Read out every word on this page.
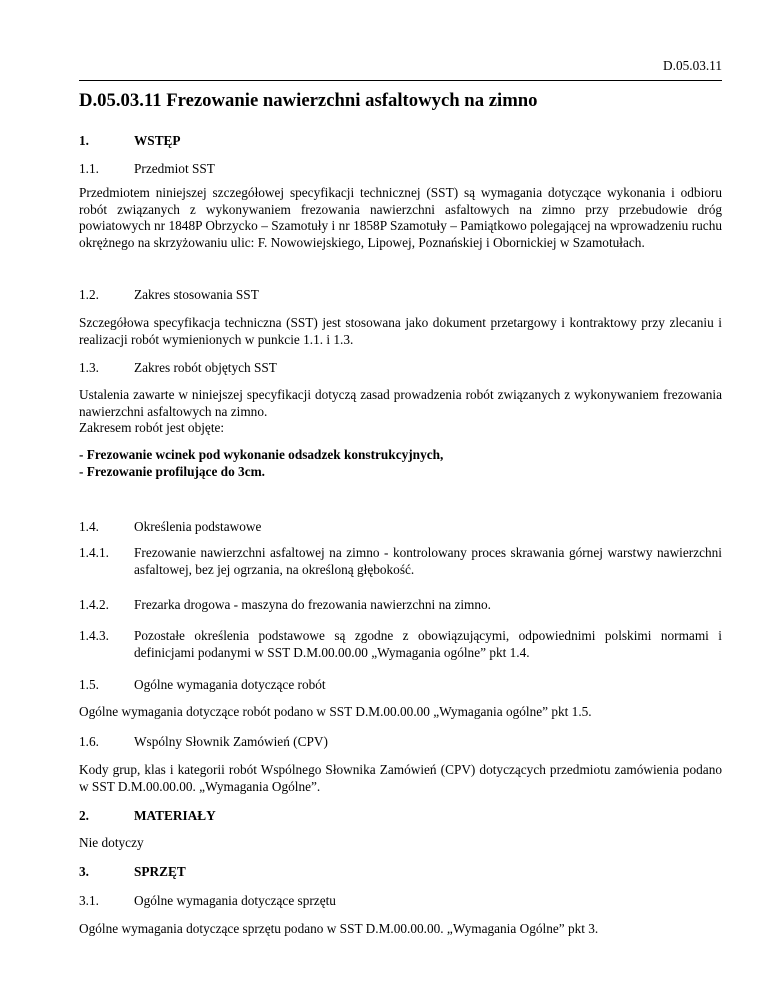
D.05.03.11
D.05.03.11 Frezowanie nawierzchni asfaltowych na zimno
1.	WSTĘP
1.1.	Przedmiot SST
Przedmiotem niniejszej szczegółowej specyfikacji technicznej (SST) są wymagania dotyczące wykonania i odbioru robót związanych z wykonywaniem frezowania nawierzchni asfaltowych na zimno przy przebudowie dróg powiatowych nr 1848P Obrzycko – Szamotuły i nr 1858P Szamotuły – Pamiątkowo polegającej na wprowadzeniu ruchu okrężnego na skrzyżowaniu ulic: F. Nowowiejskiego, Lipowej, Poznańskiej i Obornickiej w Szamotułach.
1.2.	Zakres stosowania SST
Szczegółowa specyfikacja techniczna (SST) jest stosowana jako dokument przetargowy i kontraktowy przy zlecaniu i realizacji robót wymienionych w punkcie 1.1. i 1.3.
1.3.	Zakres robót objętych SST
Ustalenia zawarte w niniejszej specyfikacji dotyczą zasad prowadzenia robót związanych z wykonywaniem frezowania nawierzchni asfaltowych na zimno.
Zakresem robót jest objęte:
- Frezowanie wcinek pod wykonanie odsadzek konstrukcyjnych,
- Frezowanie profilujące do 3cm.
1.4.	Określenia podstawowe
1.4.1. Frezowanie nawierzchni asfaltowej na zimno - kontrolowany proces skrawania górnej warstwy nawierzchni asfaltowej, bez jej ogrzania, na określoną głębokość.
1.4.2. Frezarka drogowa - maszyna do frezowania nawierzchni na zimno.
1.4.3. Pozostałe określenia podstawowe są zgodne z obowiązującymi, odpowiednimi polskimi normami i definicjami podanymi w SST D.M.00.00.00 „Wymagania ogólne” pkt 1.4.
1.5.	Ogólne wymagania dotyczące robót
Ogólne wymagania dotyczące robót podano w SST D.M.00.00.00 „Wymagania ogólne” pkt 1.5.
1.6.	Wspólny Słownik Zamówień (CPV)
Kody grup, klas i kategorii robót Wspólnego Słownika Zamówień (CPV) dotyczących przedmiotu zamówienia podano w SST D.M.00.00.00. „Wymagania Ogólne”.
2.	MATERIAŁY
Nie dotyczy
3.	SPRZĘT
3.1.	Ogólne wymagania dotyczące sprzętu
Ogólne wymagania dotyczące sprzętu podano w SST D.M.00.00.00. „Wymagania Ogólne” pkt 3.
